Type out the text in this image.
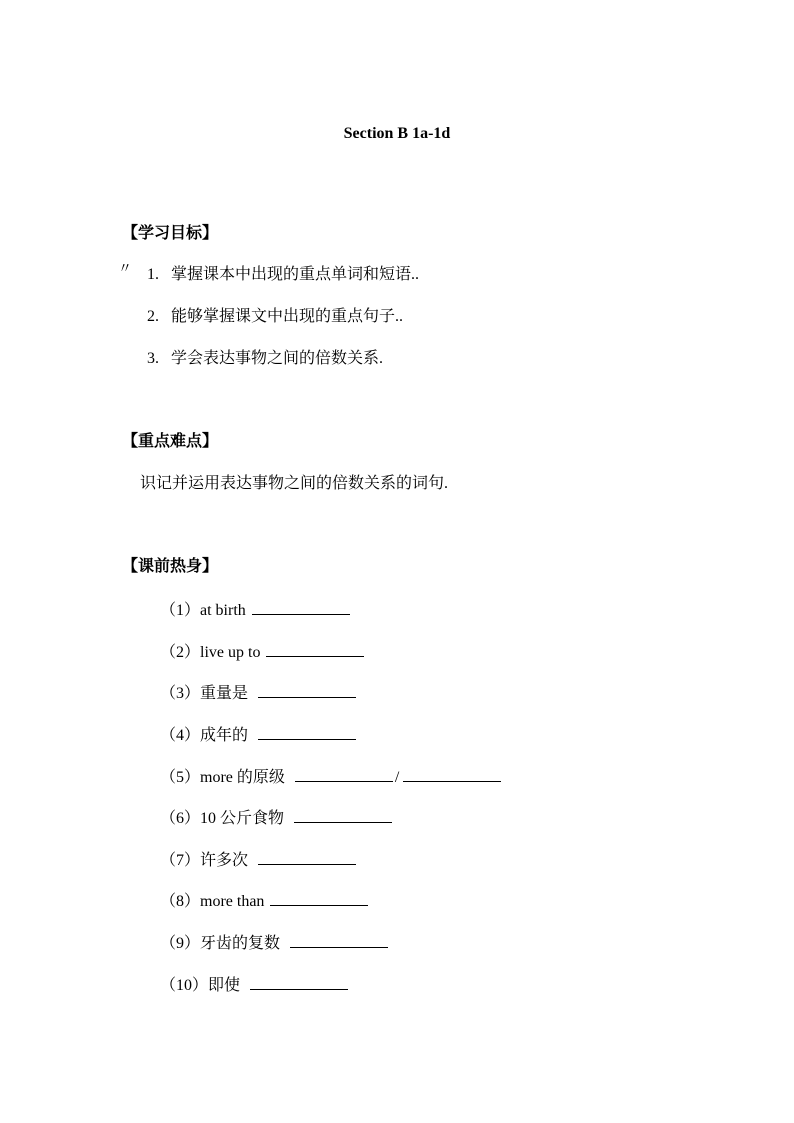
Section B 1a-1d
【学习目标】
〃 1. 掌握课本中出现的重点单词和短语..
2. 能够掌握课文中出现的重点句子..
3. 学会表达事物之间的倍数关系.
【重点难点】
识记并运用表达事物之间的倍数关系的词句.
【课前热身】
（1）at birth
（2）live up to
（3）重量是
（4）成年的
（5）more 的原级	/
（6）10 公斤食物
（7）许多次
（8）more than
（9）牙齿的复数
（10）即使
